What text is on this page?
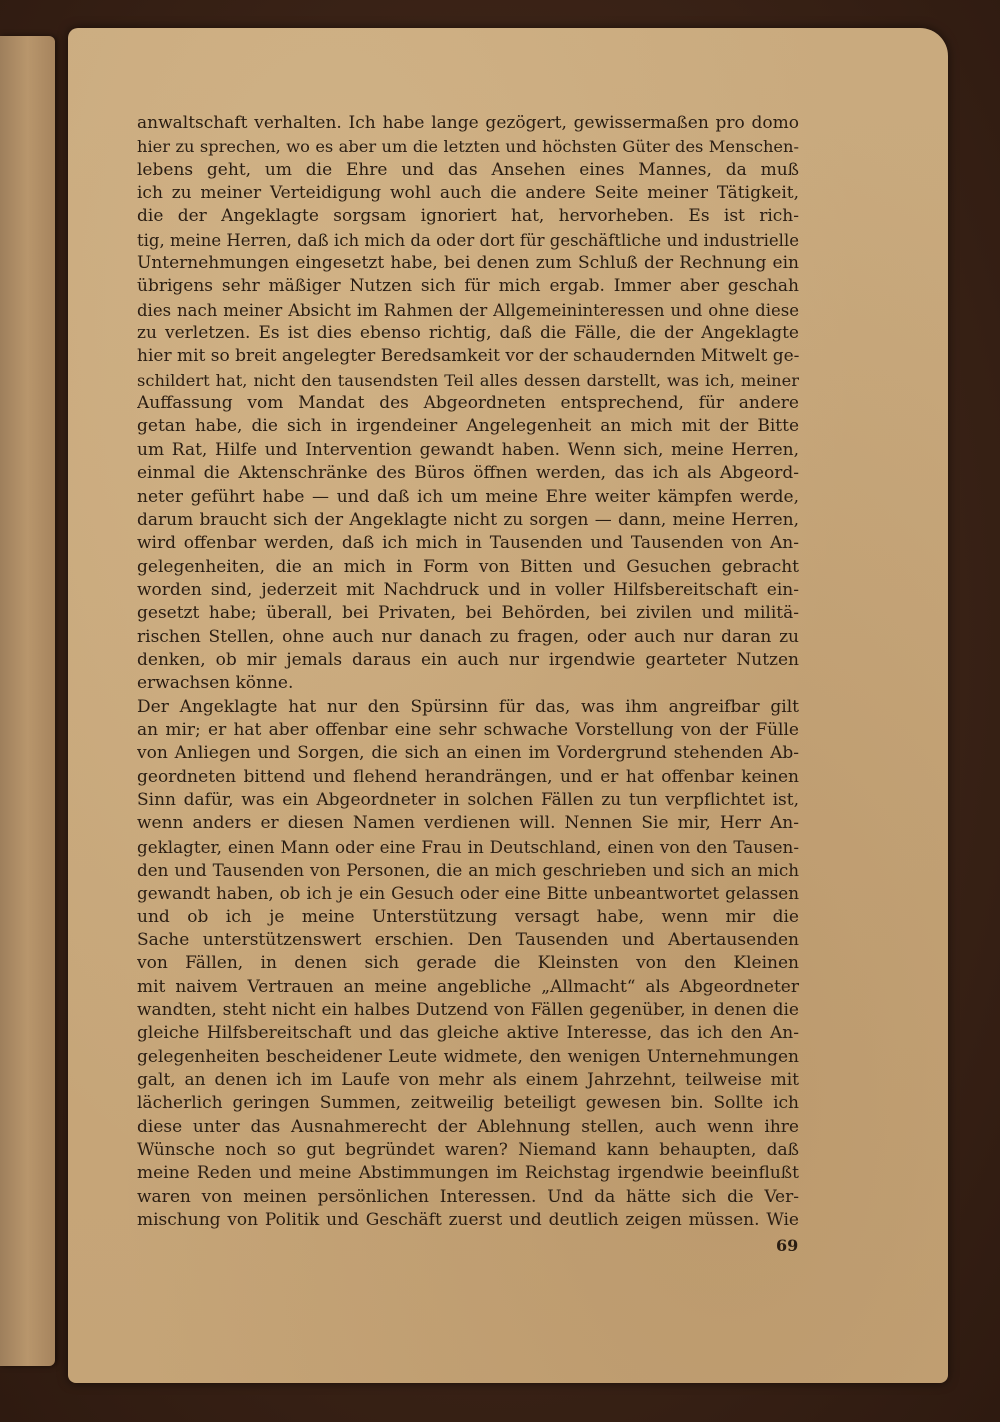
anwaltschaft verhalten. Ich habe lange gezögert, gewissermaßen pro domo
hier zu sprechen, wo es aber um die letzten und höchsten Güter des Menschen-
lebens geht, um die Ehre und das Ansehen eines Mannes, da muß
ich zu meiner Verteidigung wohl auch die andere Seite meiner Tätigkeit,
die der Angeklagte sorgsam ignoriert hat, hervorheben. Es ist rich-
tig, meine Herren, daß ich mich da oder dort für geschäftliche und industrielle
Unternehmungen eingesetzt habe, bei denen zum Schluß der Rechnung ein
übrigens sehr mäßiger Nutzen sich für mich ergab. Immer aber geschah
dies nach meiner Absicht im Rahmen der Allgemeininteressen und ohne diese
zu verletzen. Es ist dies ebenso richtig, daß die Fälle, die der Angeklagte
hier mit so breit angelegter Beredsamkeit vor der schaudernden Mitwelt ge-
schildert hat, nicht den tausendsten Teil alles dessen darstellt, was ich, meiner
Auffassung vom Mandat des Abgeordneten entsprechend, für andere
getan habe, die sich in irgendeiner Angelegenheit an mich mit der Bitte
um Rat, Hilfe und Intervention gewandt haben. Wenn sich, meine Herren,
einmal die Aktenschränke des Büros öffnen werden, das ich als Abgeord-
neter geführt habe — und daß ich um meine Ehre weiter kämpfen werde,
darum braucht sich der Angeklagte nicht zu sorgen — dann, meine Herren,
wird offenbar werden, daß ich mich in Tausenden und Tausenden von An-
gelegenheiten, die an mich in Form von Bitten und Gesuchen gebracht
worden sind, jederzeit mit Nachdruck und in voller Hilfsbereitschaft ein-
gesetzt habe; überall, bei Privaten, bei Behörden, bei zivilen und militä-
rischen Stellen, ohne auch nur danach zu fragen, oder auch nur daran zu
denken, ob mir jemals daraus ein auch nur irgendwie gearteter Nutzen
erwachsen könne.
Der Angeklagte hat nur den Spürsinn für das, was ihm angreifbar gilt
an mir; er hat aber offenbar eine sehr schwache Vorstellung von der Fülle
von Anliegen und Sorgen, die sich an einen im Vordergrund stehenden Ab-
geordneten bittend und flehend herandrängen, und er hat offenbar keinen
Sinn dafür, was ein Abgeordneter in solchen Fällen zu tun verpflichtet ist,
wenn anders er diesen Namen verdienen will. Nennen Sie mir, Herr An-
geklagter, einen Mann oder eine Frau in Deutschland, einen von den Tausen-
den und Tausenden von Personen, die an mich geschrieben und sich an mich
gewandt haben, ob ich je ein Gesuch oder eine Bitte unbeantwortet gelassen
und ob ich je meine Unterstützung versagt habe, wenn mir die
Sache unterstützenswert erschien. Den Tausenden und Abertausenden
von Fällen, in denen sich gerade die Kleinsten von den Kleinen
mit naivem Vertrauen an meine angebliche „Allmacht“ als Abgeordneter
wandten, steht nicht ein halbes Dutzend von Fällen gegenüber, in denen die
gleiche Hilfsbereitschaft und das gleiche aktive Interesse, das ich den An-
gelegenheiten bescheidener Leute widmete, den wenigen Unternehmungen
galt, an denen ich im Laufe von mehr als einem Jahrzehnt, teilweise mit
lächerlich geringen Summen, zeitweilig beteiligt gewesen bin. Sollte ich
diese unter das Ausnahmerecht der Ablehnung stellen, auch wenn ihre
Wünsche noch so gut begründet waren? Niemand kann behaupten, daß
meine Reden und meine Abstimmungen im Reichstag irgendwie beeinflußt
waren von meinen persönlichen Interessen. Und da hätte sich die Ver-
mischung von Politik und Geschäft zuerst und deutlich zeigen müssen. Wie
69
